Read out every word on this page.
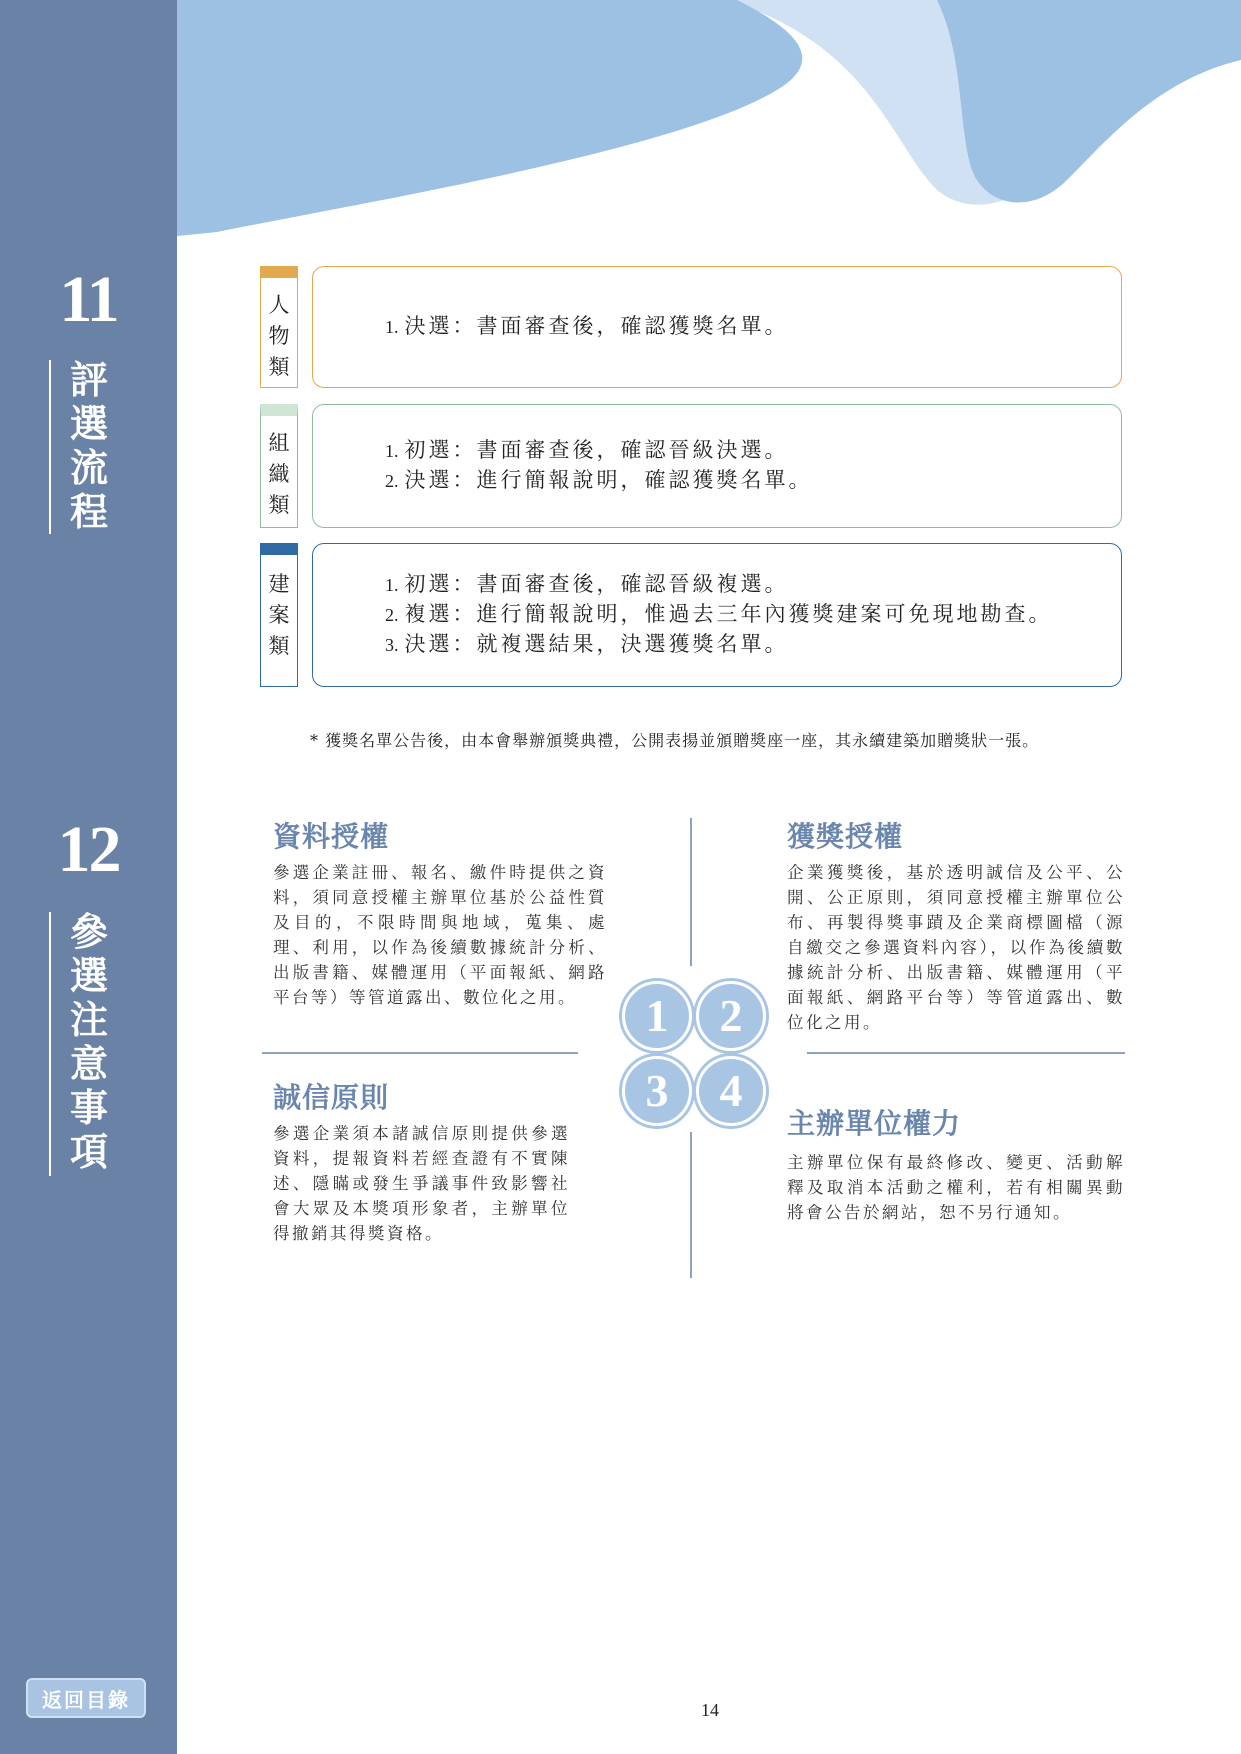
11
評
選
流
程
12
參
選
注
意
事
項
返回目錄
人
物
類
1. 決選：書面審查後，確認獲獎名單。
組
織
類
1. 初選：書面審查後，確認晉級決選。
2. 決選：進行簡報說明，確認獲獎名單。
建
案
類
1. 初選：書面審查後，確認晉級複選。
2. 複選：進行簡報說明，惟過去三年內獲獎建案可免現地勘查。
3. 決選：就複選結果，決選獲獎名單。
* 獲獎名單公告後，由本會舉辦頒獎典禮，公開表揚並頒贈獎座一座，其永續建築加贈獎狀一張。
資料授權
參選企業註冊、報名、繳件時提供之資料，須同意授權主辦單位基於公益性質及目的，不限時間與地域，蒐集、處理、利用，以作為後續數據統計分析、出版書籍、媒體運用（平面報紙、網路平台等）等管道露出、數位化之用。
獲獎授權
企業獲獎後，基於透明誠信及公平、公開、公正原則，須同意授權主辦單位公布、再製得獎事蹟及企業商標圖檔（源自繳交之參選資料內容），以作為後續數據統計分析、出版書籍、媒體運用（平面報紙、網路平台等）等管道露出、數位化之用。
誠信原則
參選企業須本諸誠信原則提供參選資料，提報資料若經查證有不實陳述、隱瞞或發生爭議事件致影響社會大眾及本獎項形象者，主辦單位得撤銷其得獎資格。
主辦單位權力
主辦單位保有最終修改、變更、活動解釋及取消本活動之權利，若有相關異動將會公告於網站，恕不另行通知。
1	2
3	4
14
